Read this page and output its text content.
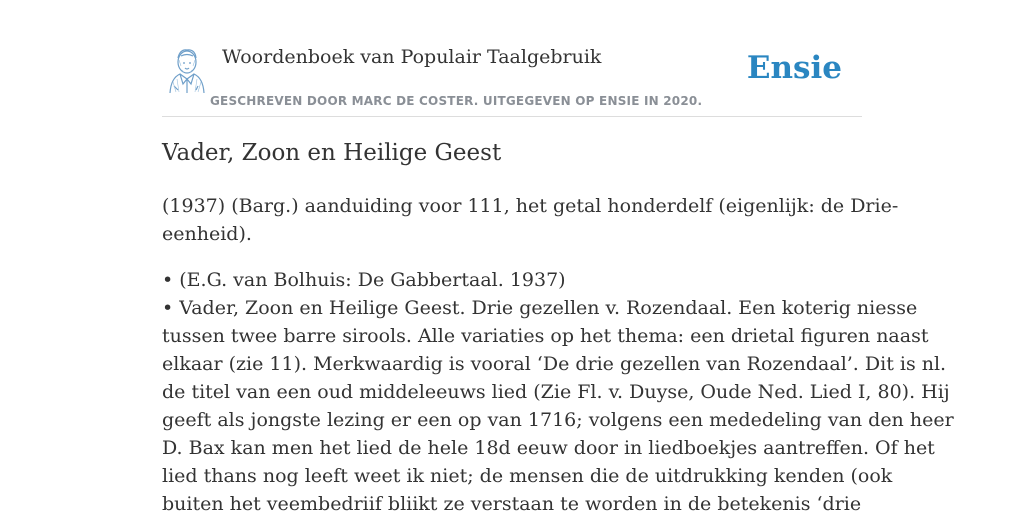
Woordenboek van Populair Taalgebruik
GESCHREVEN DOOR MARC DE COSTER. UITGEGEVEN OP ENSIE IN 2020.
Ensie
Vader, Zoon en Heilige Geest

(1937) (Barg.) aanduiding voor 111, het getal honderdelf (eigenlijk: de Drie-
eenheid).

• (E.G. van Bolhuis: De Gabbertaal. 1937)
• Vader, Zoon en Heilige Geest. Drie gezellen v. Rozendaal. Een koterig niesse
tussen twee barre sirools. Alle variaties op het thema: een drietal figuren naast
elkaar (zie 11). Merkwaardig is vooral ‘De drie gezellen van Rozendaal’. Dit is nl.
de titel van een oud middeleeuws lied (Zie Fl. v. Duyse, Oude Ned. Lied I, 80). Hij
geeft als jongste lezing er een op van 1716; volgens een mededeling van den heer
D. Bax kan men het lied de hele 18d eeuw door in liedboekjes aantreffen. Of het
lied thans nog leeft weet ik niet; de mensen die de uitdrukking kenden (ook
buiten het veembedriif bliikt ze verstaan te worden in de betekenis ‘drie
